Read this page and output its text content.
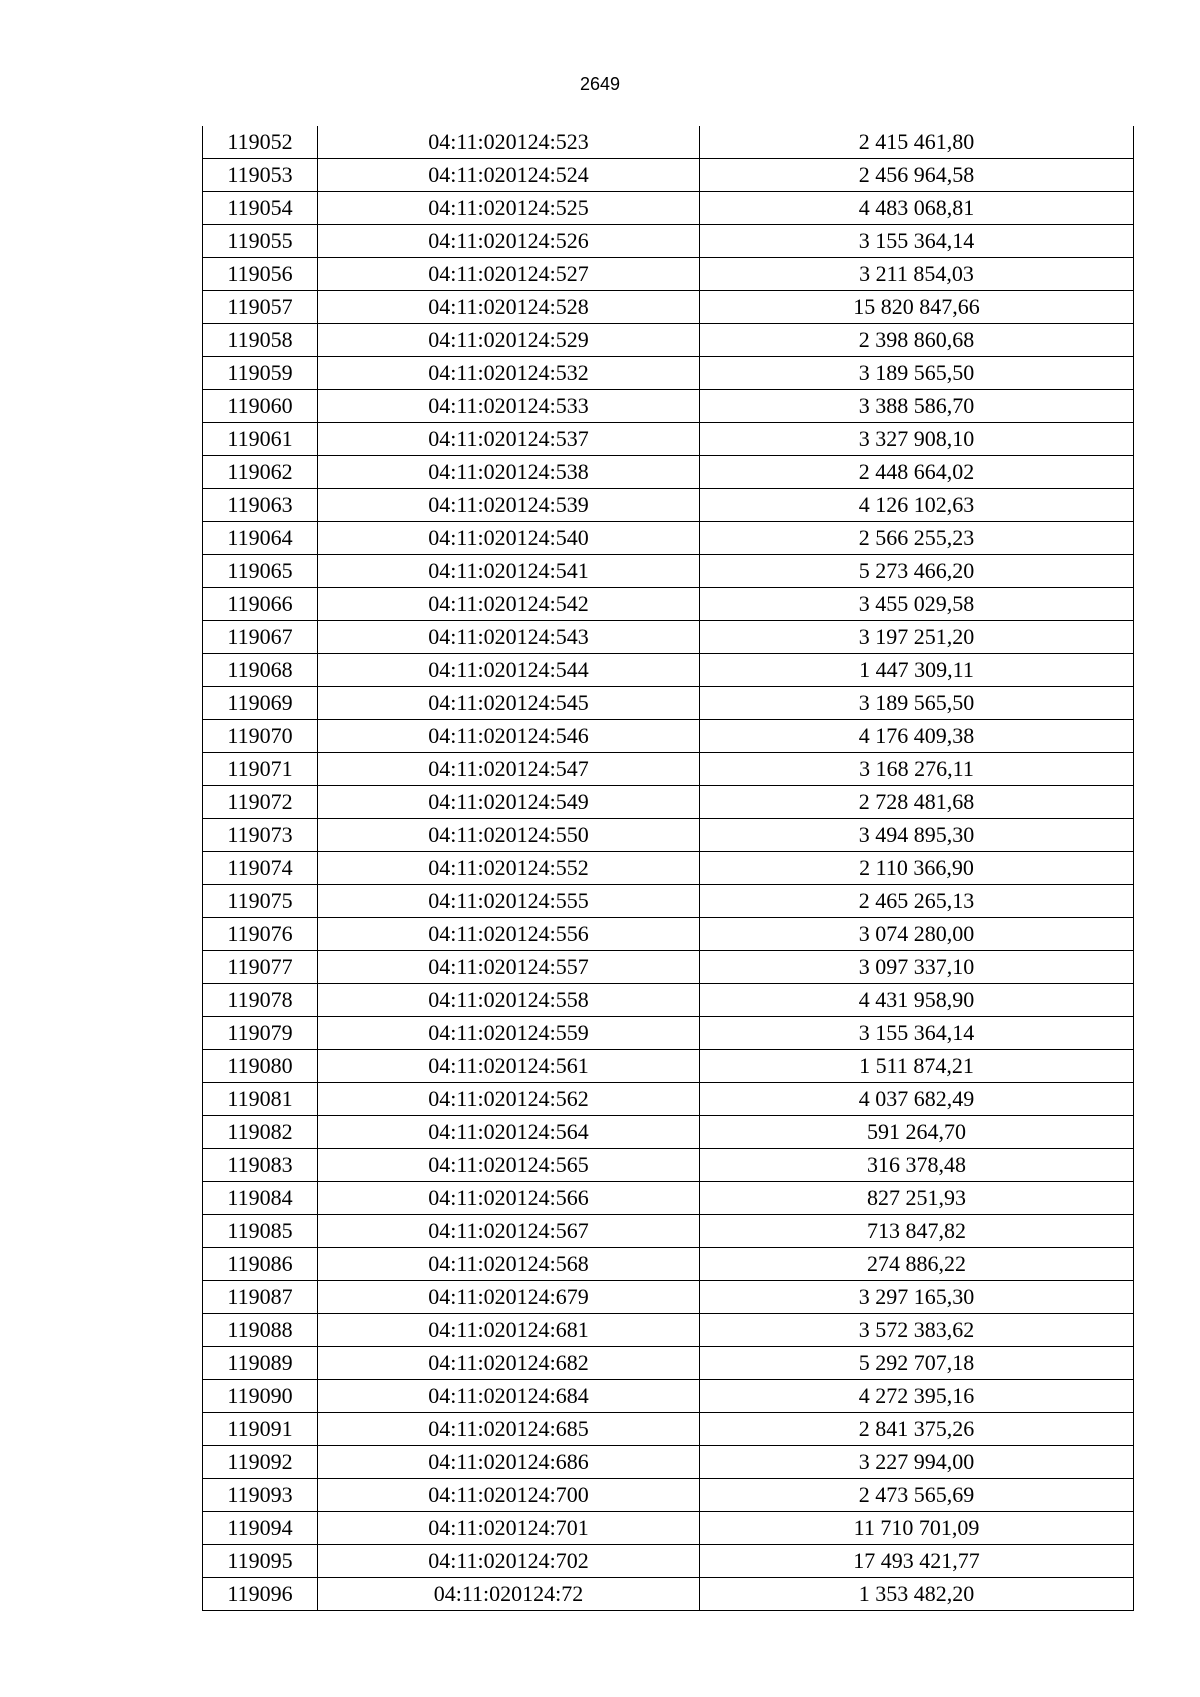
2649
119052	04:11:020124:523	2 415 461,80
119053	04:11:020124:524	2 456 964,58
119054	04:11:020124:525	4 483 068,81
119055	04:11:020124:526	3 155 364,14
119056	04:11:020124:527	3 211 854,03
119057	04:11:020124:528	15 820 847,66
119058	04:11:020124:529	2 398 860,68
119059	04:11:020124:532	3 189 565,50
119060	04:11:020124:533	3 388 586,70
119061	04:11:020124:537	3 327 908,10
119062	04:11:020124:538	2 448 664,02
119063	04:11:020124:539	4 126 102,63
119064	04:11:020124:540	2 566 255,23
119065	04:11:020124:541	5 273 466,20
119066	04:11:020124:542	3 455 029,58
119067	04:11:020124:543	3 197 251,20
119068	04:11:020124:544	1 447 309,11
119069	04:11:020124:545	3 189 565,50
119070	04:11:020124:546	4 176 409,38
119071	04:11:020124:547	3 168 276,11
119072	04:11:020124:549	2 728 481,68
119073	04:11:020124:550	3 494 895,30
119074	04:11:020124:552	2 110 366,90
119075	04:11:020124:555	2 465 265,13
119076	04:11:020124:556	3 074 280,00
119077	04:11:020124:557	3 097 337,10
119078	04:11:020124:558	4 431 958,90
119079	04:11:020124:559	3 155 364,14
119080	04:11:020124:561	1 511 874,21
119081	04:11:020124:562	4 037 682,49
119082	04:11:020124:564	591 264,70
119083	04:11:020124:565	316 378,48
119084	04:11:020124:566	827 251,93
119085	04:11:020124:567	713 847,82
119086	04:11:020124:568	274 886,22
119087	04:11:020124:679	3 297 165,30
119088	04:11:020124:681	3 572 383,62
119089	04:11:020124:682	5 292 707,18
119090	04:11:020124:684	4 272 395,16
119091	04:11:020124:685	2 841 375,26
119092	04:11:020124:686	3 227 994,00
119093	04:11:020124:700	2 473 565,69
119094	04:11:020124:701	11 710 701,09
119095	04:11:020124:702	17 493 421,77
119096	04:11:020124:72	1 353 482,20
